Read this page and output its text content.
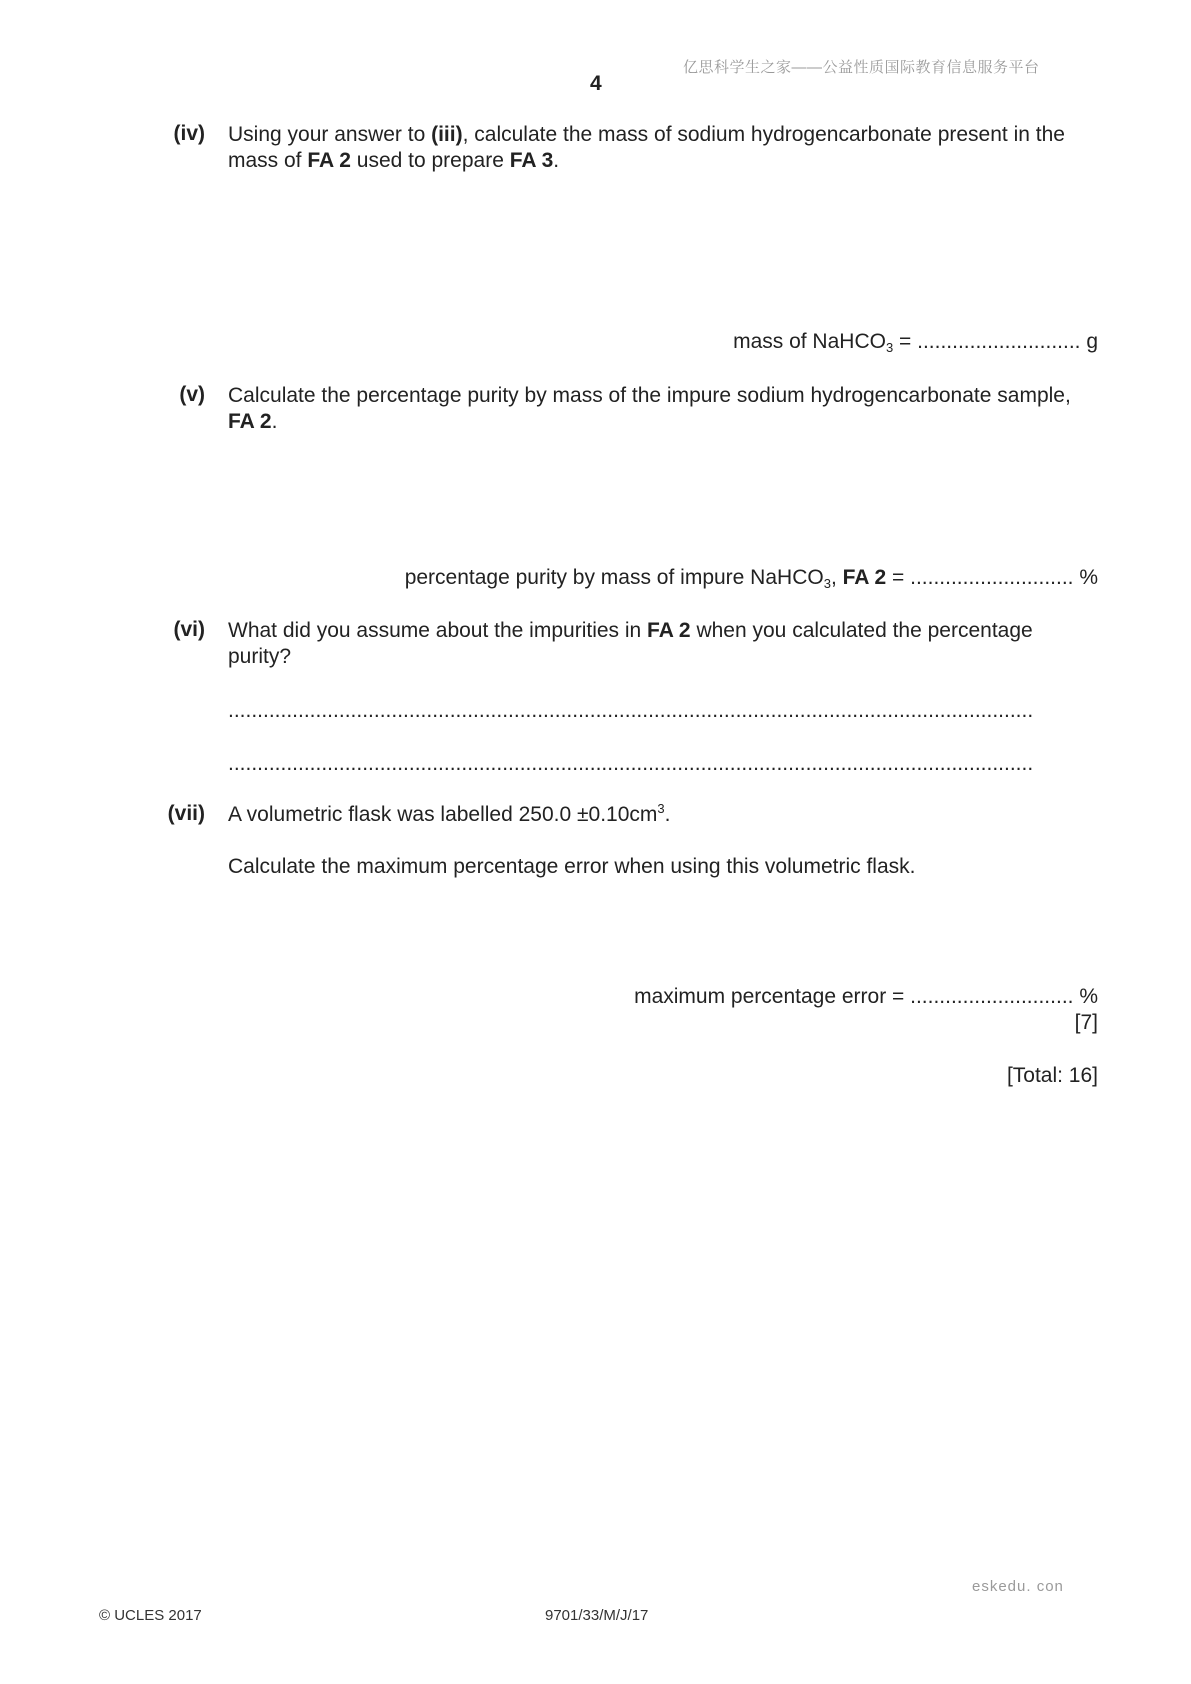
亿思科学生之家——公益性质国际教育信息服务平台
4
(iv) Using your answer to (iii), calculate the mass of sodium hydrogencarbonate present in the mass of FA 2 used to prepare FA 3.
mass of NaHCO$_3$ = ............................ g
(v) Calculate the percentage purity by mass of the impure sodium hydrogencarbonate sample, FA 2.
percentage purity by mass of impure NaHCO$_3$, FA 2 = ............................ %
(vi) What did you assume about the impurities in FA 2 when you calculated the percentage purity?
..........................................................................................................................................
..........................................................................................................................................
(vii) A volumetric flask was labelled $250.0 \pm 0.10cm^3$.
Calculate the maximum percentage error when using this volumetric flask.
maximum percentage error = ............................ %
[7]
[Total: 16]
eskedu. con
© UCLES 2017	9701/33/M/J/17
